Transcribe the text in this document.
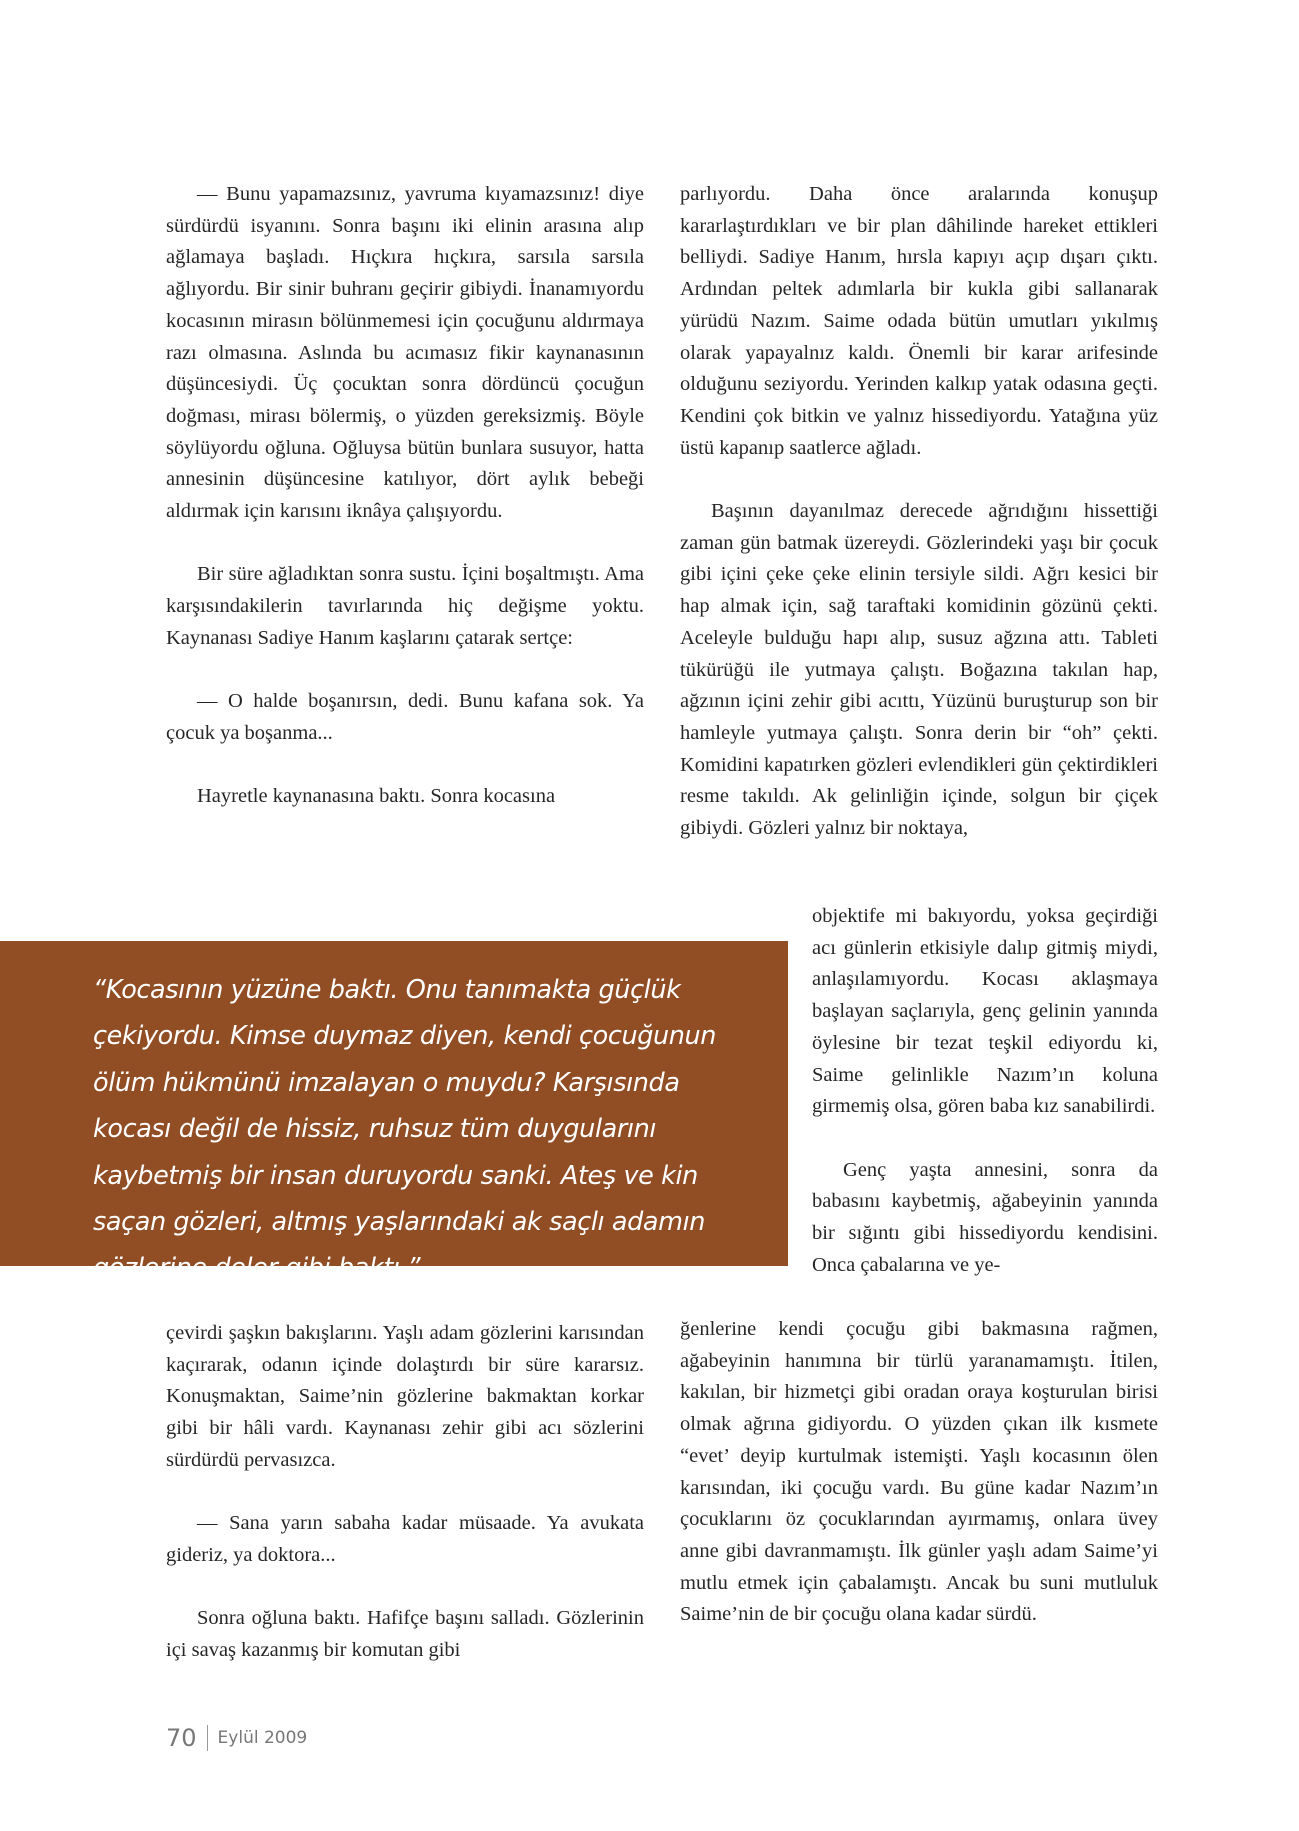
— Bunu yapamazsınız, yavruma kıyamazsınız! diye sürdürdü isyanını. Sonra başını iki elinin arasına alıp ağlamaya başladı. Hıçkıra hıçkıra, sarsıla sarsıla ağlıyordu. Bir sinir buhranı geçirir gibiydi. İnanamıyordu kocasının mirasın bölünmemesi için çocuğunu aldırmaya razı olmasına. Aslında bu acımasız fikir kaynanasının düşüncesiydi. Üç çocuktan sonra dördüncü çocuğun doğması, mirası bölermiş, o yüzden gereksizmiş. Böyle söylüyordu oğluna. Oğluysa bütün bunlara susuyor, hatta annesinin düşüncesine katılıyor, dört aylık bebeği aldırmak için karısını iknâya çalışıyordu.

Bir süre ağladıktan sonra sustu. İçini boşaltmıştı. Ama karşısındakilerin tavırlarında hiç değişme yoktu. Kaynanası Sadiye Hanım kaşlarını çatarak sertçe:

— O halde boşanırsın, dedi. Bunu kafana sok. Ya çocuk ya boşanma...

Hayretle kaynanasına baktı. Sonra kocasına

“Kocasının yüzüne baktı. Onu tanımakta güçlük çekiyordu. Kimse duymaz diyen, kendi çocuğunun ölüm hükmünü imzalayan o muydu? Karşısında kocası değil de hissiz, ruhsuz tüm duygularını kaybetmiş bir insan duruyordu sanki. Ateş ve kin saçan gözleri, altmış yaşlarındaki ak saçlı adamın gözlerine deler gibi baktı.”

çevirdi şaşkın bakışlarını. Yaşlı adam gözlerini karısından kaçırarak, odanın içinde dolaştırdı bir süre kararsız. Konuşmaktan, Saime’nin gözlerine bakmaktan korkar gibi bir hâli vardı. Kaynanası zehir gibi acı sözlerini sürdürdü pervasızca.

— Sana yarın sabaha kadar müsaade. Ya avukata gideriz, ya doktora...

Sonra oğluna baktı. Hafifçe başını salladı. Gözlerinin içi savaş kazanmış bir komutan gibi

parlıyordu. Daha önce aralarında konuşup kararlaştırdıkları ve bir plan dâhilinde hareket ettikleri belliydi. Sadiye Hanım, hırsla kapıyı açıp dışarı çıktı. Ardından peltek adımlarla bir kukla gibi sallanarak yürüdü Nazım. Saime odada bütün umutları yıkılmış olarak yapayalnız kaldı. Önemli bir karar arifesinde olduğunu seziyordu. Yerinden kalkıp yatak odasına geçti. Kendini çok bitkin ve yalnız hissediyordu. Yatağına yüz üstü kapanıp saatlerce ağladı.

Başının dayanılmaz derecede ağrıdığını hissettiği zaman gün batmak üzereydi. Gözlerindeki yaşı bir çocuk gibi içini çeke çeke elinin tersiyle sildi. Ağrı kesici bir hap almak için, sağ taraftaki komidinin gözünü çekti. Aceleyle bulduğu hapı alıp, susuz ağzına attı. Tableti tükürüğü ile yutmaya çalıştı. Boğazına takılan hap, ağzının içini zehir gibi acıttı, Yüzünü buruşturup son bir hamleyle yutmaya çalıştı. Sonra derin bir “oh” çekti. Komidini kapatırken gözleri evlendikleri gün çektirdikleri resme takıldı. Ak gelinliğin içinde, solgun bir çiçek gibiydi. Gözleri yalnız bir noktaya,

objektife mi bakıyordu, yoksa geçirdiği acı günlerin etkisiyle dalıp gitmiş miydi, anlaşılamıyordu. Kocası aklaşmaya başlayan saçlarıyla, genç gelinin yanında öylesine bir tezat teşkil ediyordu ki, Saime gelinlikle Nazım’ın koluna girmemiş olsa, gören baba kız sanabilirdi.

Genç yaşta annesini, sonra da babasını kaybetmiş, ağabeyinin yanında bir sığıntı gibi hissediyordu kendisini. Onca çabalarına ve ye-

ğenlerine kendi çocuğu gibi bakmasına rağmen, ağabeyinin hanımına bir türlü yaranamamıştı. İtilen, kakılan, bir hizmetçi gibi oradan oraya koşturulan birisi olmak ağrına gidiyordu. O yüzden çıkan ilk kısmete “evet’ deyip kurtulmak istemişti. Yaşlı kocasının ölen karısından, iki çocuğu vardı. Bu güne kadar Nazım’ın çocuklarını öz çocuklarından ayırmamış, onlara üvey anne gibi davranmamıştı. İlk günler yaşlı adam Saime’yi mutlu etmek için çabalamıştı. Ancak bu suni mutluluk Saime’nin de bir çocuğu olana kadar sürdü.

70 Eylül 2009
